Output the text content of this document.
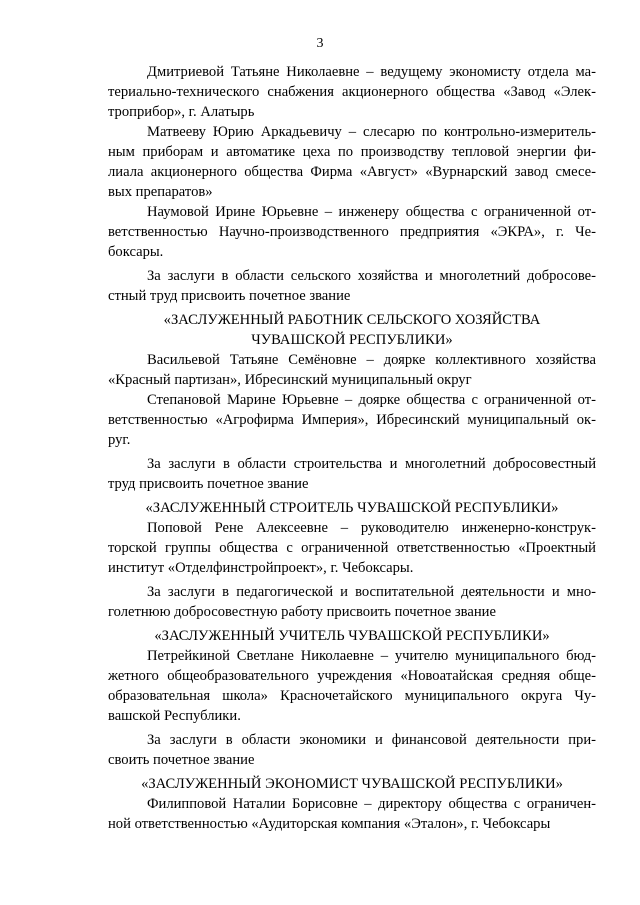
3
Дмитриевой Татьяне Николаевне – ведущему экономисту отдела ма-
териально-технического снабжения акционерного общества «Завод «Элек-
троприбор», г. Алатырь
Матвееву Юрию Аркадьевичу – слесарю по контрольно-измеритель-
ным приборам и автоматике цеха по производству тепловой энергии фи-
лиала акционерного общества Фирма «Август» «Вурнарский завод смесе-
вых препаратов»
Наумовой Ирине Юрьевне – инженеру общества с ограниченной от-
ветственностью Научно-производственного предприятия «ЭКРА», г. Че-
боксары.
За заслуги в области сельского хозяйства и многолетний добросове-
стный труд присвоить почетное звание
«ЗАСЛУЖЕННЫЙ РАБОТНИК СЕЛЬСКОГО ХОЗЯЙСТВА
ЧУВАШСКОЙ РЕСПУБЛИКИ»
Васильевой Татьяне Семёновне – доярке коллективного хозяйства
«Красный партизан», Ибресинский муниципальный округ
Степановой Марине Юрьевне – доярке общества с ограниченной от-
ветственностью «Агрофирма Империя», Ибресинский муниципальный ок-
руг.
За заслуги в области строительства и многолетний добросовестный
труд присвоить почетное звание
«ЗАСЛУЖЕННЫЙ СТРОИТЕЛЬ ЧУВАШСКОЙ РЕСПУБЛИКИ»
Поповой Рене Алексеевне – руководителю инженерно-конструк-
торской группы общества с ограниченной ответственностью «Проектный
институт «Отделфинстройпроект», г. Чебоксары.
За заслуги в педагогической и воспитательной деятельности и мно-
голетнюю добросовестную работу присвоить почетное звание
«ЗАСЛУЖЕННЫЙ УЧИТЕЛЬ ЧУВАШСКОЙ РЕСПУБЛИКИ»
Петрейкиной Светлане Николаевне – учителю муниципального бюд-
жетного общеобразовательного учреждения «Новоатайская средняя обще-
образовательная школа» Красночетайского муниципального округа Чу-
вашской Республики.
За заслуги в области экономики и финансовой деятельности при-
своить почетное звание
«ЗАСЛУЖЕННЫЙ ЭКОНОМИСТ ЧУВАШСКОЙ РЕСПУБЛИКИ»
Филипповой Наталии Борисовне – директору общества с ограничен-
ной ответственностью «Аудиторская компания «Эталон», г. Чебоксары
